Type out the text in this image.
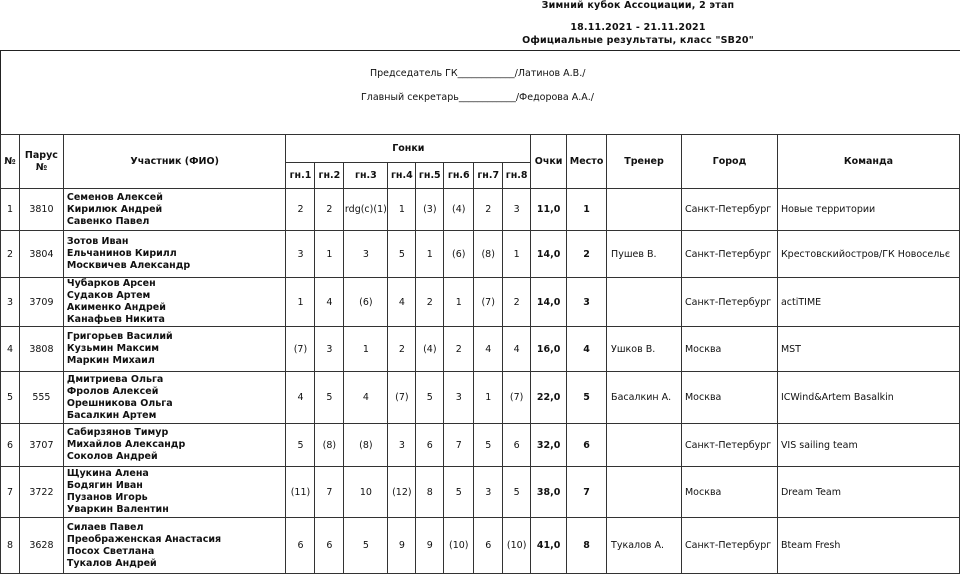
Зимний кубок Ассоциации, 2 этап
18.11.2021 - 21.11.2021
Официальные результаты, класс "SB20"
Председатель ГК____________/Латинов А.В./
Главный секретарь____________/Федорова А.А./
№	Парус №	Участник (ФИО)	Гонки								Очки	Место	Тренер	Город	Команда
			гн.1	гн.2	гн.3	гн.4	гн.5	гн.6	гн.7	гн.8					
1	3810	Семенов Алексей
Кирилюк Андрей
Савенко Павел	2	2	rdg(c)(1)	1	(3)	(4)	2	3	11,0	1		Санкт-Петербург	Новые территории
2	3804	Зотов Иван
Ельчанинов Кирилл
Москвичев Александр	3	1	3	5	1	(6)	(8)	1	14,0	2	Пушев В.	Санкт-Петербург	Крестовскийостров/ГК Новосельє
3	3709	Чубарков Арсен
Судаков Артем
Акименко Андрей
Канафьев Никита	1	4	(6)	4	2	1	(7)	2	14,0	3		Санкт-Петербург	actiTIME
4	3808	Григорьев Василий
Кузьмин Максим
Маркин Михаил	(7)	3	1	2	(4)	2	4	4	16,0	4	Ушков В.	Москва	MST
5	555	Дмитриева Ольга
Фролов Алексей
Орешникова Ольга
Басалкин Артем	4	5	4	(7)	5	3	1	(7)	22,0	5	Басалкин А.	Москва	ICWind&Artem Basalkin
6	3707	Сабирзянов Тимур
Михайлов Александр
Соколов Андрей	5	(8)	(8)	3	6	7	5	6	32,0	6		Санкт-Петербург	VIS sailing team
7	3722	Щукина Алена
Бодягин Иван
Пузанов Игорь
Уваркин Валентин	(11)	7	10	(12)	8	5	3	5	38,0	7		Москва	Dream Team
8	3628	Силаев Павел
Преображенская Анастасия
Посох Светлана
Тукалов Андрей	6	6	5	9	9	(10)	6	(10)	41,0	8	Тукалов А.	Санкт-Петербург	Bteam Fresh
